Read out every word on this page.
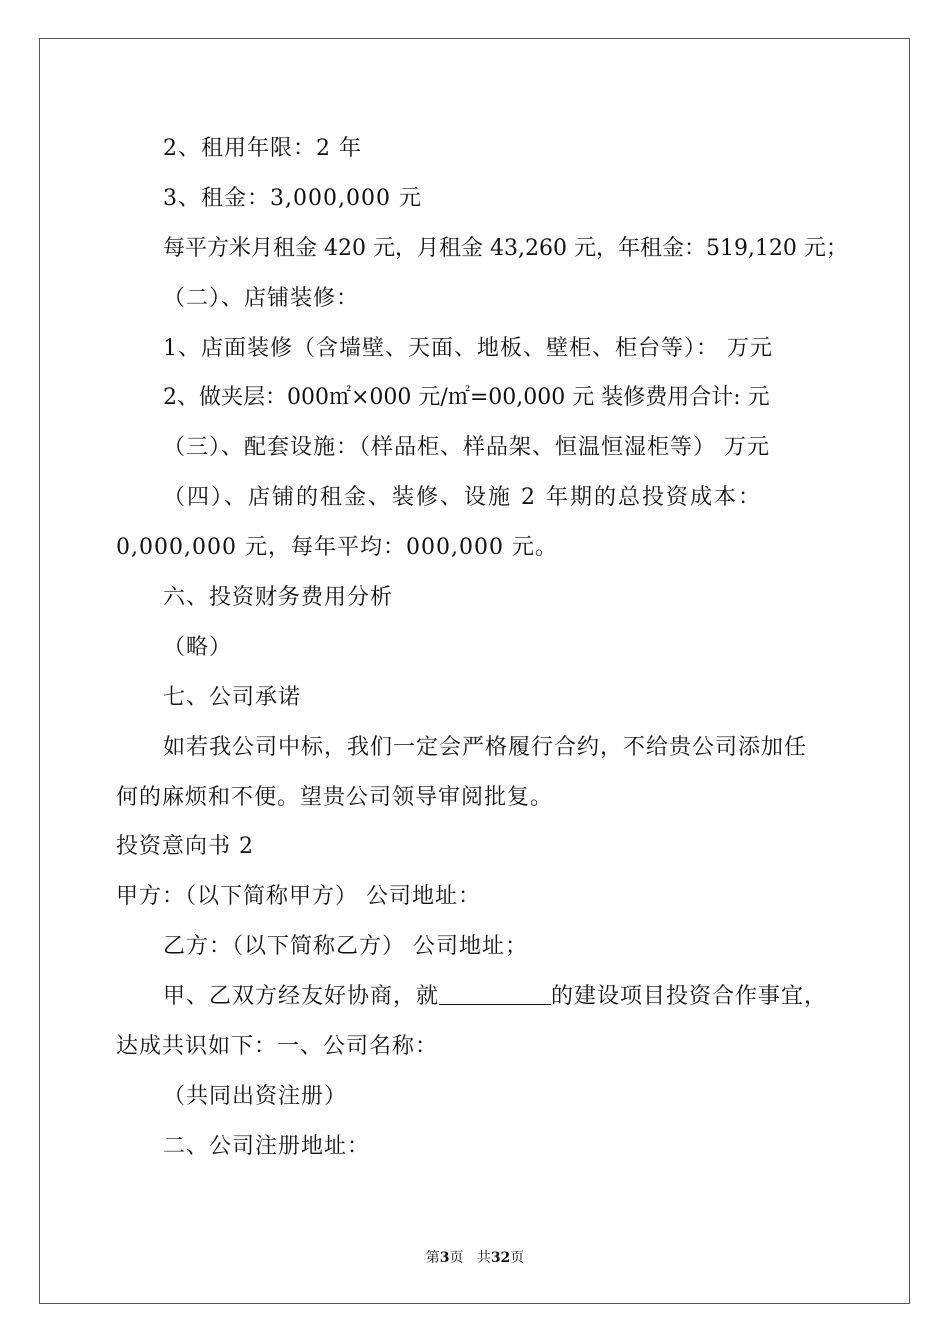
2、租用年限：2 年
3、租金：3,000,000 元
每平方米月租金 420 元，月租金 43,260 元，年租金：519,120 元；
（二）、店铺装修：
1、店面装修（含墙壁、天面、地板、壁柜、柜台等）： 万元
2、做夹层：000㎡×000 元/㎡=00,000 元 装修费用合计: 元
（三）、配套设施：（样品柜、样品架、恒温恒湿柜等） 万元
（四）、店铺的租金、装修、设施 2 年期的总投资成本：
0,000,000 元，每年平均：000,000 元。
六、投资财务费用分析
（略）
七、公司承诺
如若我公司中标，我们一定会严格履行合约，不给贵公司添加任
何的麻烦和不便。望贵公司领导审阅批复。
投资意向书 2
甲方：（以下简称甲方） 公司地址：
乙方：（以下简称乙方） 公司地址；
甲、乙双方经友好协商，就	的建设项目投资合作事宜，
达成共识如下：一、公司名称：
（共同出资注册）
二、公司注册地址：
第3页 共32页
